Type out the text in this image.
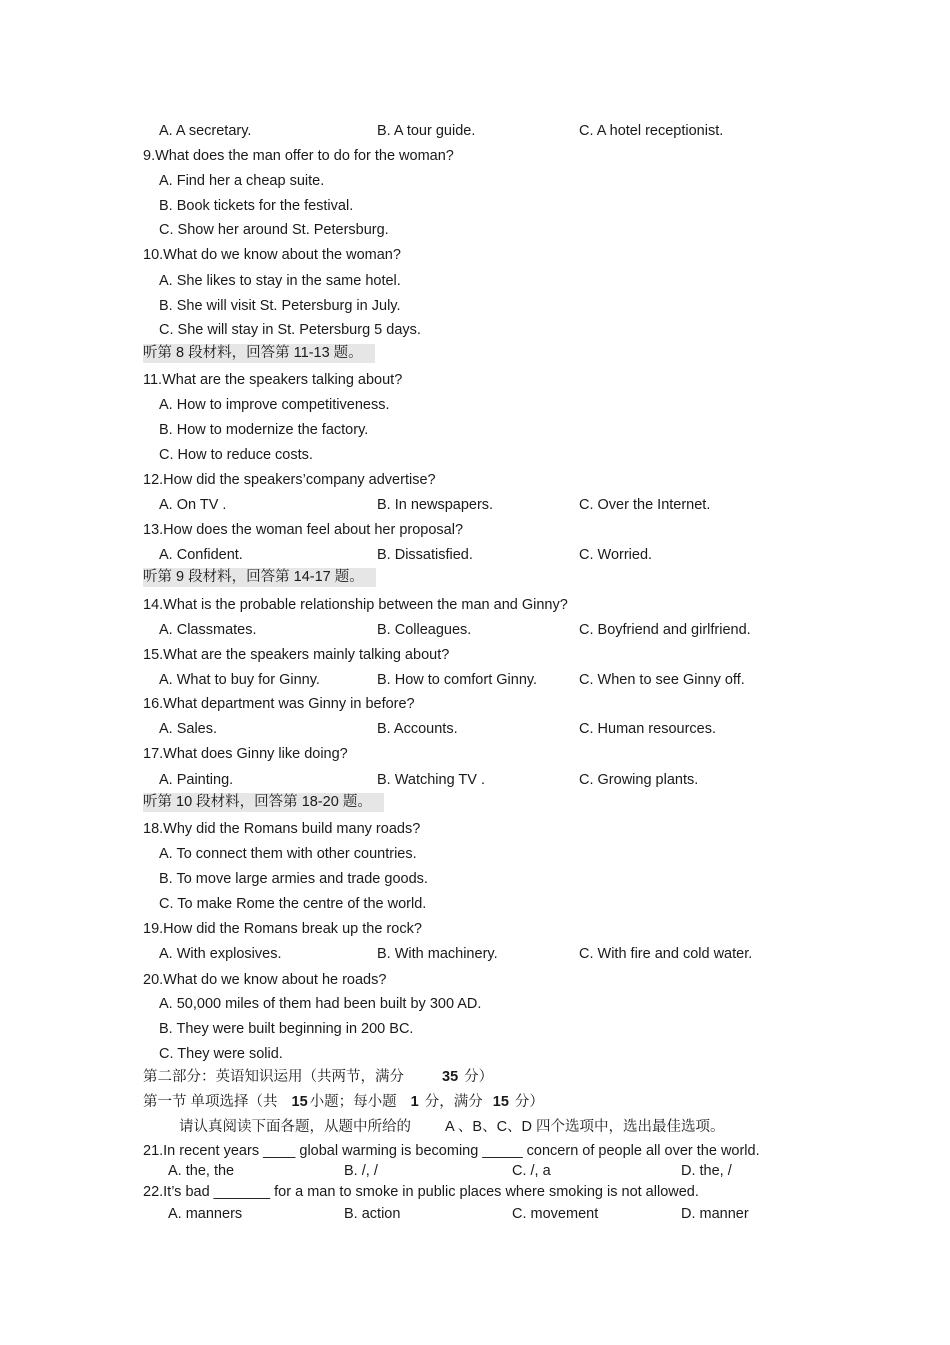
A. A secretary.	B. A tour guide.	C. A hotel receptionist.
9.What does the man offer to do for the woman?
A. Find her a cheap suite.
B. Book tickets for the festival.
C. Show her around St. Petersburg.
10.What do we know about the woman?
A. She likes to stay in the same hotel.
B. She will visit St. Petersburg in July.
C. She will stay in St. Petersburg 5 days.
听第 8 段材料，回答第 11-13 题。
11.What are the speakers talking about?
A. How to improve competitiveness.
B. How to modernize the factory.
C. How to reduce costs.
12.How did the speakers’company advertise?
A. On TV .	B. In newspapers.	C. Over the Internet.
13.How does the woman feel about her proposal?
A. Confident.	B. Dissatisfied.	C. Worried.
听第 9 段材料，回答第 14-17 题。
14.What is the probable relationship between the man and Ginny?
A. Classmates.	B. Colleagues.	C. Boyfriend and girlfriend.
15.What are the speakers mainly talking about?
A. What to buy for Ginny.	B. How to comfort Ginny.	C. When to see Ginny off.
16.What department was Ginny in before?
A. Sales.	B. Accounts.	C. Human resources.
17.What does Ginny like doing?
A. Painting.	B. Watching TV .	C. Growing plants.
听第 10 段材料，回答第 18-20 题。
18.Why did the Romans build many roads?
A. To connect them with other countries.
B. To move large armies and trade goods.
C. To make Rome the centre of the world.
19.How did the Romans break up the rock?
A. With explosives.	B. With machinery.	C. With fire and cold water.
20.What do we know about he roads?
A. 50,000 miles of them had been built by 300 AD.
B. They were built beginning in 200 BC.
C. They were solid.
第二部分：英语知识运用（共两节，满分	35 分）
第一节 单项选择（共 15 小题；每小题 1 分，满分 15 分）
请认真阅读下面各题，从题中所给的 A 、B、C、D 四个选项中，选出最佳选项。
21.In recent years ____ global warming is becoming _____ concern of people all over the world.
A. the, the	B. /, /	C. /, a	D. the, /
22.It’s bad _______ for a man to smoke in public places where smoking is not allowed.
A. manners	B. action	C. movement	D. manner
